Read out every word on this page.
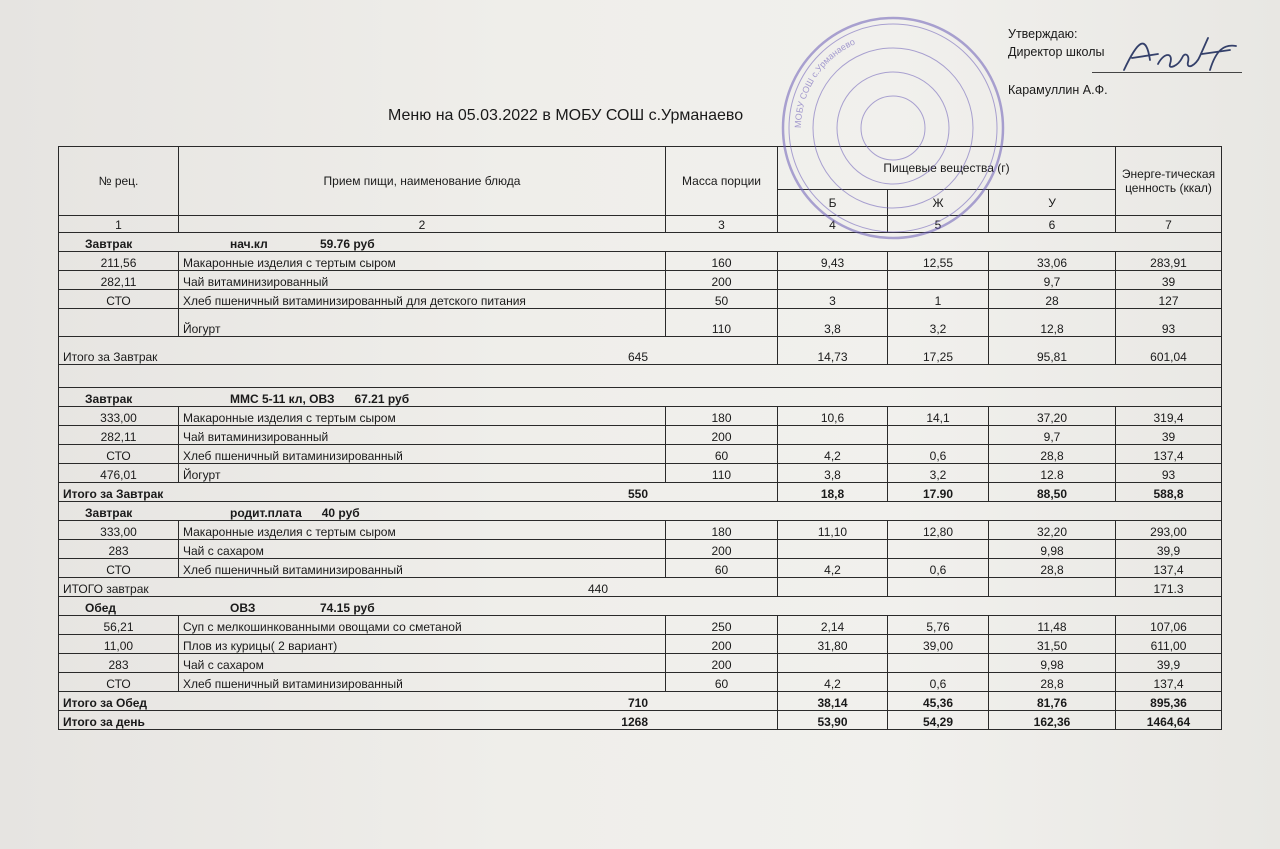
Утверждаю:
Директор школы
Карамуллин А.Ф.
Меню на 05.03.2022 в МОБУ СОШ с.Урманаево
№ рец.	Прием пищи, наименование блюда	Масса порции	Пищевые вещества (г)			Энерге-тическая ценность (ккал)
			Б	Ж	У	
1	2	3	4	5	6	7
Завтрак нач.кл 59.76 руб						
211,56	Макаронные изделия с тертым сыром	160	9,43	12,55	33,06	283,91
282,11	Чай витаминизированный	200			9,7	39
СТО	Хлеб пшеничный витаминизированный для детского питания	50	3	1	28	127
	Йогурт	110	3,8	3,2	12,8	93
Итого за Завтрак 645			14,73	17,25	95,81	601,04

Завтрак ММС 5-11 кл, ОВЗ 67.21 руб						
333,00	Макаронные изделия с тертым сыром	180	10,6	14,1	37,20	319,4
282,11	Чай витаминизированный	200			9,7	39
СТО	Хлеб пшеничный витаминизированный	60	4,2	0,6	28,8	137,4
476,01	Йогурт	110	3,8	3,2	12.8	93
Итого за Завтрак 550			18,8	17.90	88,50	588,8
Завтрак родит.плата 40 руб						
333,00	Макаронные изделия с тертым сыром	180	11,10	12,80	32,20	293,00
283	Чай с сахаром	200			9,98	39,9
СТО	Хлеб пшеничный витаминизированный	60	4,2	0,6	28,8	137,4
ИТОГО завтрак 440						171.3
Обед ОВЗ 74.15 руб						
56,21	Суп с мелкошинкованными овощами со сметаной	250	2,14	5,76	11,48	107,06
11,00	Плов из курицы( 2 вариант)	200	31,80	39,00	31,50	611,00
283	Чай с сахаром	200			9,98	39,9
СТО	Хлеб пшеничный витаминизированный	60	4,2	0,6	28,8	137,4
Итого за Обед 710			38,14	45,36	81,76	895,36
Итого за день 1268			53,90	54,29	162,36	1464,64
МОБУ СОШ с.Урманаево
